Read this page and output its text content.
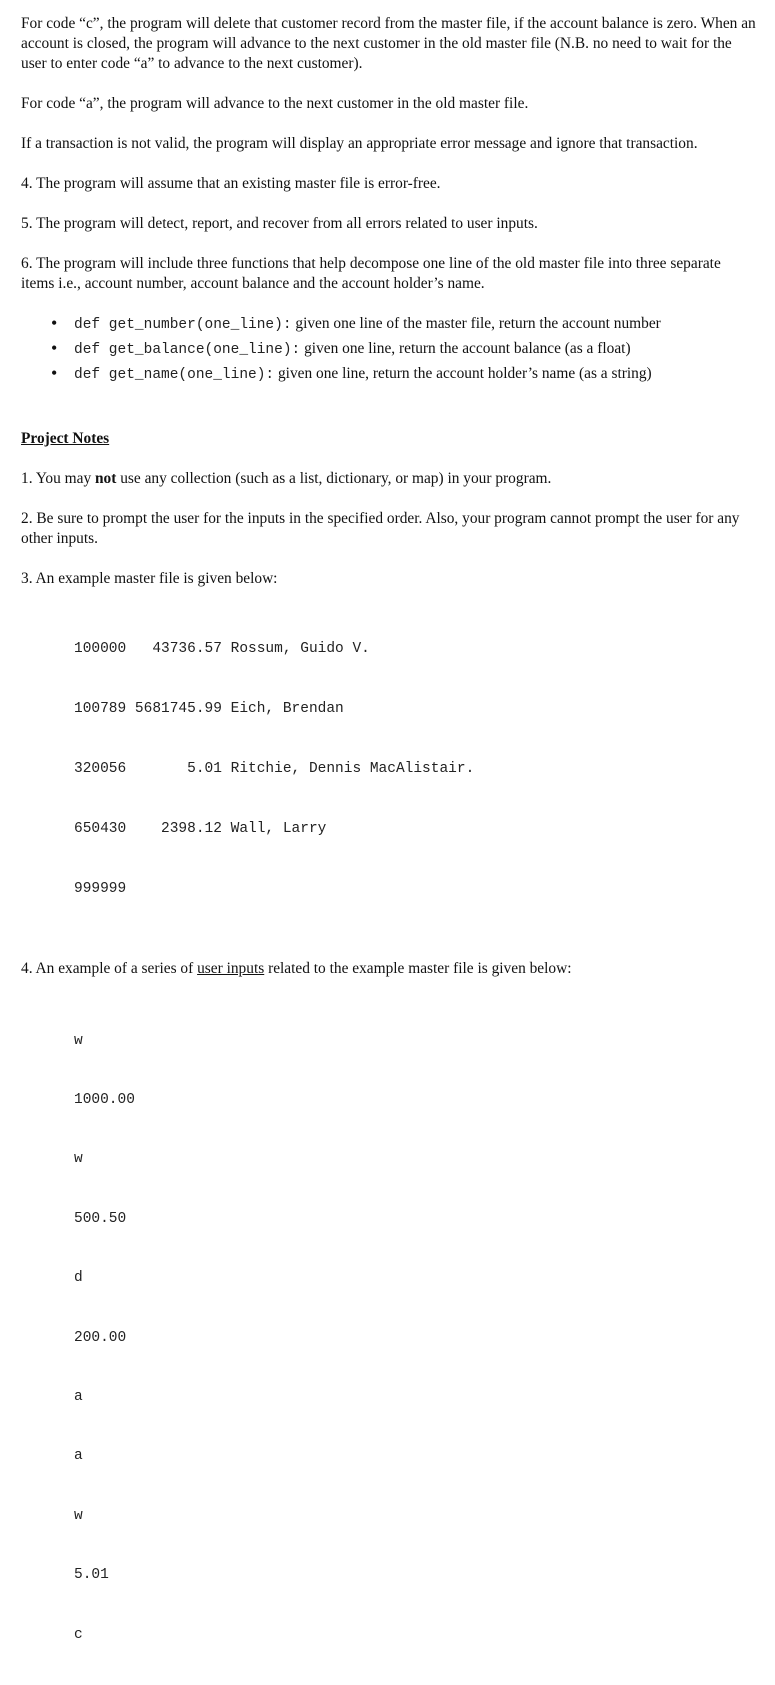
For code “c”, the program will delete that customer record from the master file, if the account balance is zero. When an account is closed, the program will advance to the next customer in the old master file (N.B. no need to wait for the user to enter code “a” to advance to the next customer).

For code “a”, the program will advance to the next customer in the old master file.

If a transaction is not valid, the program will display an appropriate error message and ignore that transaction.

4. The program will assume that an existing master file is error-free.

5. The program will detect, report, and recover from all errors related to user inputs.

6. The program will include three functions that help decompose one line of the old master file into three separate items i.e., account number, account balance and the account holder’s name.

• def get_number(one_line): given one line of the master file, return the account number
• def get_balance(one_line): given one line, return the account balance (as a float)
• def get_name(one_line): given one line, return the account holder’s name (as a string)

Project Notes

1. You may not use any collection (such as a list, dictionary, or map) in your program.

2. Be sure to prompt the user for the inputs in the specified order. Also, your program cannot prompt the user for any other inputs.

3. An example master file is given below:

100000   43736.57 Rossum, Guido V.

100789 5681745.99 Eich, Brendan

320056       5.01 Ritchie, Dennis MacAlistair.

650430    2398.12 Wall, Larry

999999

4. An example of a series of user inputs related to the example master file is given below:

w

1000.00

w

500.50

d

200.00

a

a

w

5.01

c
